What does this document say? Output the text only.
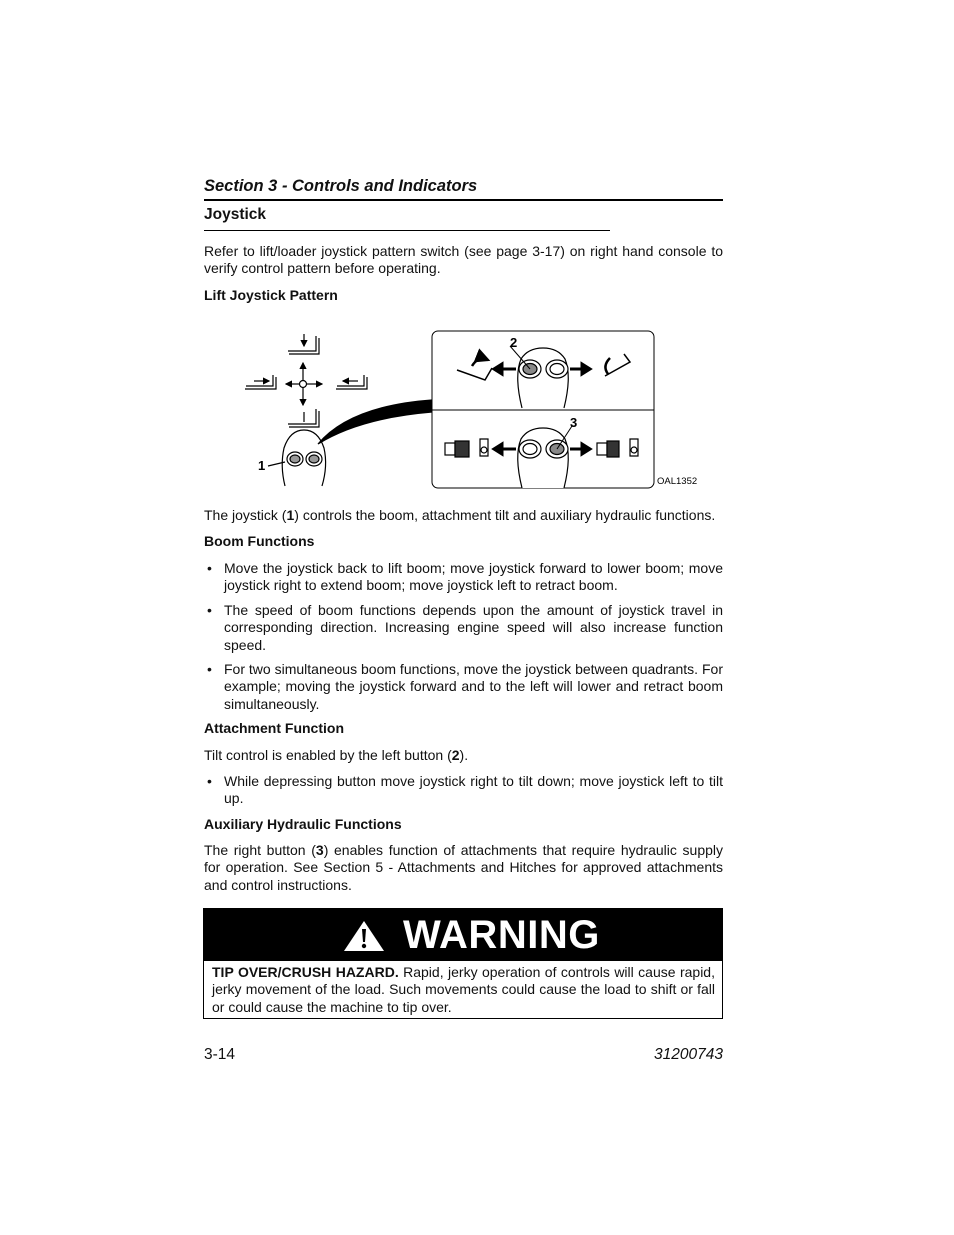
Section 3 - Controls and Indicators
Joystick
Refer to lift/loader joystick pattern switch (see page 3-17) on right hand console to verify control pattern before operating.
Lift Joystick Pattern
1
2
3
OAL1352
The joystick (1) controls the boom, attachment tilt and auxiliary hydraulic functions.
Boom Functions
• Move the joystick back to lift boom; move joystick forward to lower boom; move joystick right to extend boom; move joystick left to retract boom.
• The speed of boom functions depends upon the amount of joystick travel in corresponding direction. Increasing engine speed will also increase function speed.
• For two simultaneous boom functions, move the joystick between quadrants. For example; moving the joystick forward and to the left will lower and retract boom simultaneously.
Attachment Function
Tilt control is enabled by the left button (2).
• While depressing button move joystick right to tilt down; move joystick left to tilt up.
Auxiliary Hydraulic Functions
The right button (3) enables function of attachments that require hydraulic supply for operation. See Section 5 - Attachments and Hitches for approved attachments and control instructions.
WARNING
TIP OVER/CRUSH HAZARD. Rapid, jerky operation of controls will cause rapid, jerky movement of the load. Such movements could cause the load to shift or fall or could cause the machine to tip over.
3-14	31200743
